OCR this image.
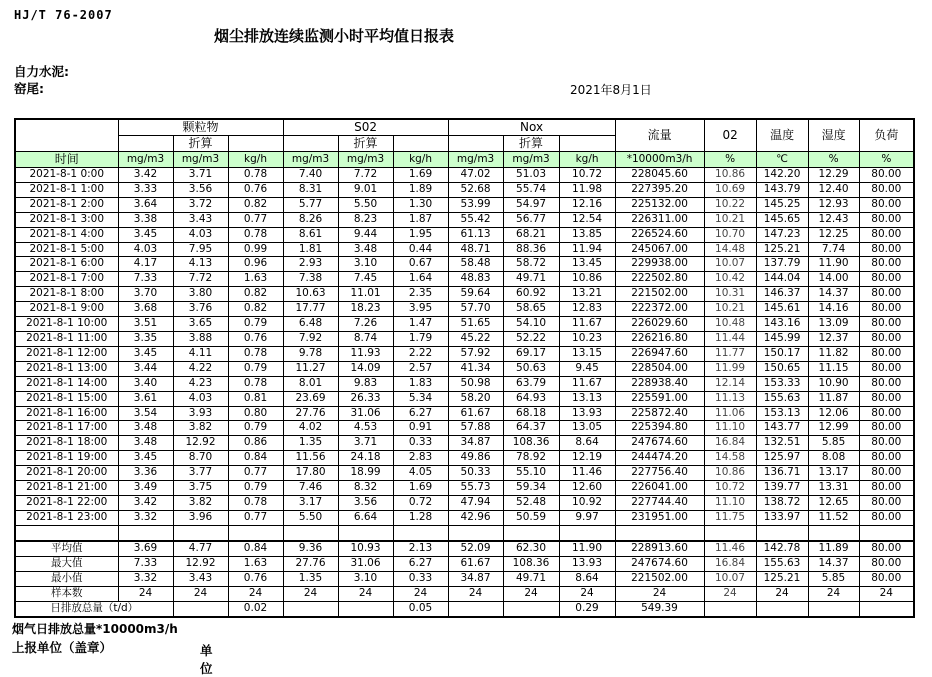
HJ/T 76-2007
烟尘排放连续监测小时平均值日报表
自力水泥:
窑尾:	2021年8月1日
	颗粒物			S02			Nox			流量	02	温度	湿度	负荷
		折算			折算			折算						
时间	mg/m3	mg/m3	kg/h	mg/m3	mg/m3	kg/h	mg/m3	mg/m3	kg/h	*10000m3/h	%	℃	%	%
2021-8-1 0:00	3.42	3.71	0.78	7.40	7.72	1.69	47.02	51.03	10.72	228045.60	10.86	142.20	12.29	80.00
2021-8-1 1:00	3.33	3.56	0.76	8.31	9.01	1.89	52.68	55.74	11.98	227395.20	10.69	143.79	12.40	80.00
2021-8-1 2:00	3.64	3.72	0.82	5.77	5.50	1.30	53.99	54.97	12.16	225132.00	10.22	145.25	12.93	80.00
2021-8-1 3:00	3.38	3.43	0.77	8.26	8.23	1.87	55.42	56.77	12.54	226311.00	10.21	145.65	12.43	80.00
2021-8-1 4:00	3.45	4.03	0.78	8.61	9.44	1.95	61.13	68.21	13.85	226524.60	10.70	147.23	12.25	80.00
2021-8-1 5:00	4.03	7.95	0.99	1.81	3.48	0.44	48.71	88.36	11.94	245067.00	14.48	125.21	7.74	80.00
2021-8-1 6:00	4.17	4.13	0.96	2.93	3.10	0.67	58.48	58.72	13.45	229938.00	10.07	137.79	11.90	80.00
2021-8-1 7:00	7.33	7.72	1.63	7.38	7.45	1.64	48.83	49.71	10.86	222502.80	10.42	144.04	14.00	80.00
2021-8-1 8:00	3.70	3.80	0.82	10.63	11.01	2.35	59.64	60.92	13.21	221502.00	10.31	146.37	14.37	80.00
2021-8-1 9:00	3.68	3.76	0.82	17.77	18.23	3.95	57.70	58.65	12.83	222372.00	10.21	145.61	14.16	80.00
2021-8-1 10:00	3.51	3.65	0.79	6.48	7.26	1.47	51.65	54.10	11.67	226029.60	10.48	143.16	13.09	80.00
2021-8-1 11:00	3.35	3.88	0.76	7.92	8.74	1.79	45.22	52.22	10.23	226216.80	11.44	145.99	12.37	80.00
2021-8-1 12:00	3.45	4.11	0.78	9.78	11.93	2.22	57.92	69.17	13.15	226947.60	11.77	150.17	11.82	80.00
2021-8-1 13:00	3.44	4.22	0.79	11.27	14.09	2.57	41.34	50.63	9.45	228504.00	11.99	150.65	11.15	80.00
2021-8-1 14:00	3.40	4.23	0.78	8.01	9.83	1.83	50.98	63.79	11.67	228938.40	12.14	153.33	10.90	80.00
2021-8-1 15:00	3.61	4.03	0.81	23.69	26.33	5.34	58.20	64.93	13.13	225591.00	11.13	155.63	11.87	80.00
2021-8-1 16:00	3.54	3.93	0.80	27.76	31.06	6.27	61.67	68.18	13.93	225872.40	11.06	153.13	12.06	80.00
2021-8-1 17:00	3.48	3.82	0.79	4.02	4.53	0.91	57.88	64.37	13.05	225394.80	11.10	143.77	12.99	80.00
2021-8-1 18:00	3.48	12.92	0.86	1.35	3.71	0.33	34.87	108.36	8.64	247674.60	16.84	132.51	5.85	80.00
2021-8-1 19:00	3.45	8.70	0.84	11.56	24.18	2.83	49.86	78.92	12.19	244474.20	14.58	125.97	8.08	80.00
2021-8-1 20:00	3.36	3.77	0.77	17.80	18.99	4.05	50.33	55.10	11.46	227756.40	10.86	136.71	13.17	80.00
2021-8-1 21:00	3.49	3.75	0.79	7.46	8.32	1.69	55.73	59.34	12.60	226041.00	10.72	139.77	13.31	80.00
2021-8-1 22:00	3.42	3.82	0.78	3.17	3.56	0.72	47.94	52.48	10.92	227744.40	11.10	138.72	12.65	80.00
2021-8-1 23:00	3.32	3.96	0.77	5.50	6.64	1.28	42.96	50.59	9.97	231951.00	11.75	133.97	11.52	80.00

平均值	3.69	4.77	0.84	9.36	10.93	2.13	52.09	62.30	11.90	228913.60	11.46	142.78	11.89	80.00
最大值	7.33	12.92	1.63	27.76	31.06	6.27	61.67	108.36	13.93	247674.60	16.84	155.63	14.37	80.00
最小值	3.32	3.43	0.76	1.35	3.10	0.33	34.87	49.71	8.64	221502.00	10.07	125.21	5.85	80.00
样本数	24	24	24	24	24	24	24	24	24	24	24	24	24	24
日排放总量（t/d）			0.02			0.05			0.29	549.39				
烟气日排放总量*10000m3/h
上报单位（盖章）	单位
